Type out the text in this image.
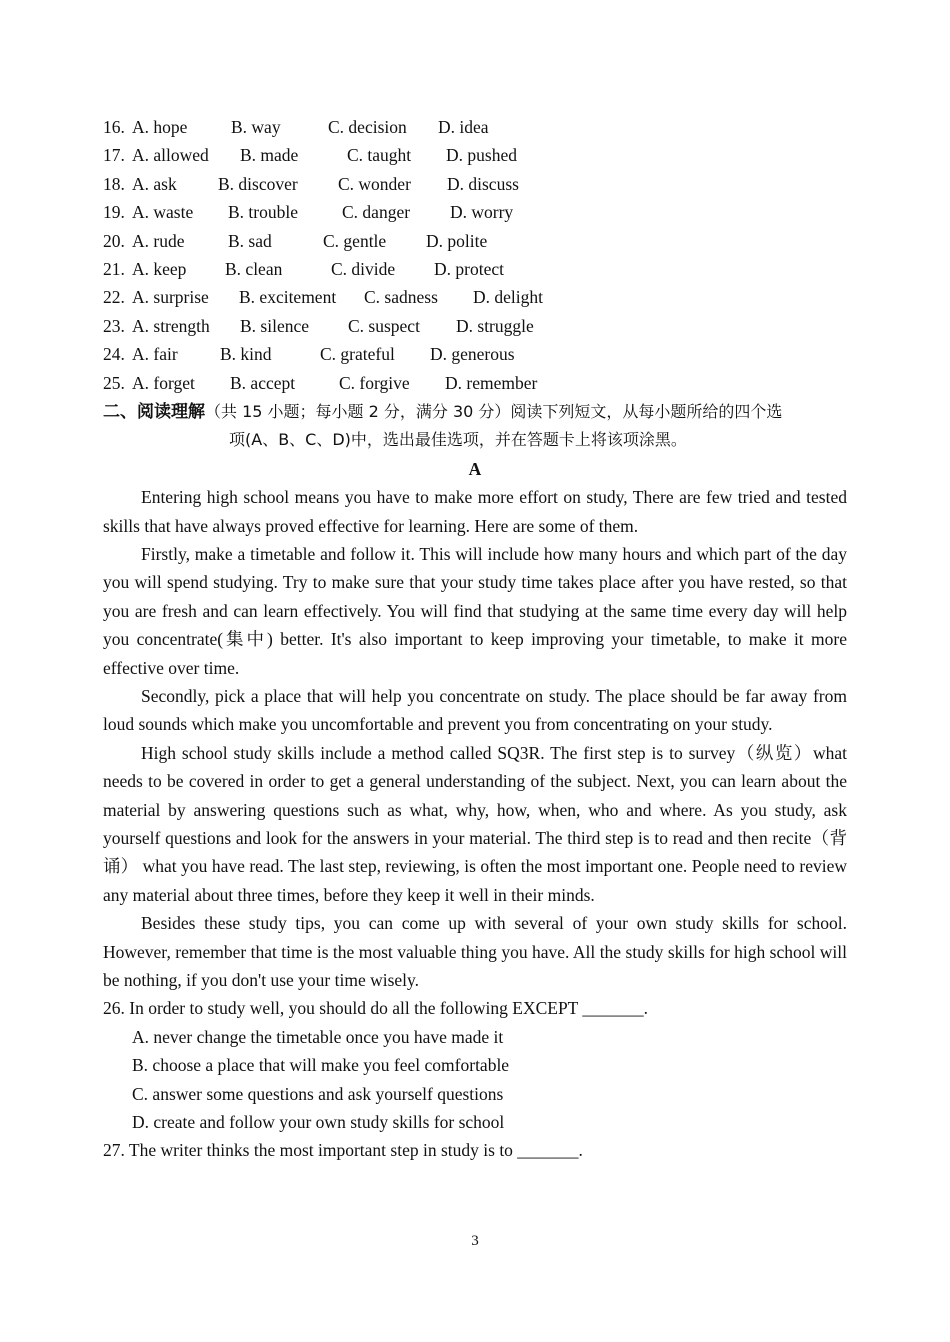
16. A. hope B. way	C. decision D. idea
17. A. allowed B. made	C. taught D. pushed
18. A. ask B. discover C. wonder D. discuss
19. A. waste B. trouble	C. danger D. worry
20. A. rude B. sad	C. gentle D. polite
21. A. keep B. clean	C. divide D. protect
22. A. surprise B. excitement C. sadness D. delight
23. A. strength B. silence C. suspect D. struggle
24. A. fair B. kind	C. grateful D. generous
25. A. forget B. accept	C. forgive D. remember
二、阅读理解（共 15 小题；每小题 2 分，满分 30 分）阅读下列短文，从每小题所给的四个选
项(A、B、C、D)中，选出最佳选项，并在答题卡上将该项涂黑。
A

Entering high school means you have to make more effort on study, There are few tried and tested skills that have always proved effective for learning. Here are some of them.

Firstly, make a timetable and follow it. This will include how many hours and which part of the day you will spend studying. Try to make sure that your study time takes place after you have rested, so that you are fresh and can learn effectively. You will find that studying at the same time every day will help you concentrate(集中) better. It's also important to keep improving your timetable, to make it more effective over time.

Secondly, pick a place that will help you concentrate on study. The place should be far away from loud sounds which make you uncomfortable and prevent you from concentrating on your study.

High school study skills include a method called SQ3R. The first step is to survey（纵览）what needs to be covered in order to get a general understanding of the subject. Next, you can learn about the material by answering questions such as what, why, how, when, who and where. As you study, ask yourself questions and look for the answers in your material. The third step is to read and then recite（背诵） what you have read. The last step, reviewing, is often the most important one. People need to review any material about three times, before they keep it well in their minds.

Besides these study tips, you can come up with several of your own study skills for school. However, remember that time is the most valuable thing you have. All the study skills for high school will be nothing, if you don't use your time wisely.

26. In order to study well, you should do all the following EXCEPT _______.

A. never change the timetable once you have made it

B. choose a place that will make you feel comfortable

C. answer some questions and ask yourself questions

D. create and follow your own study skills for school

27. The writer thinks the most important step in study is to _______.

3
